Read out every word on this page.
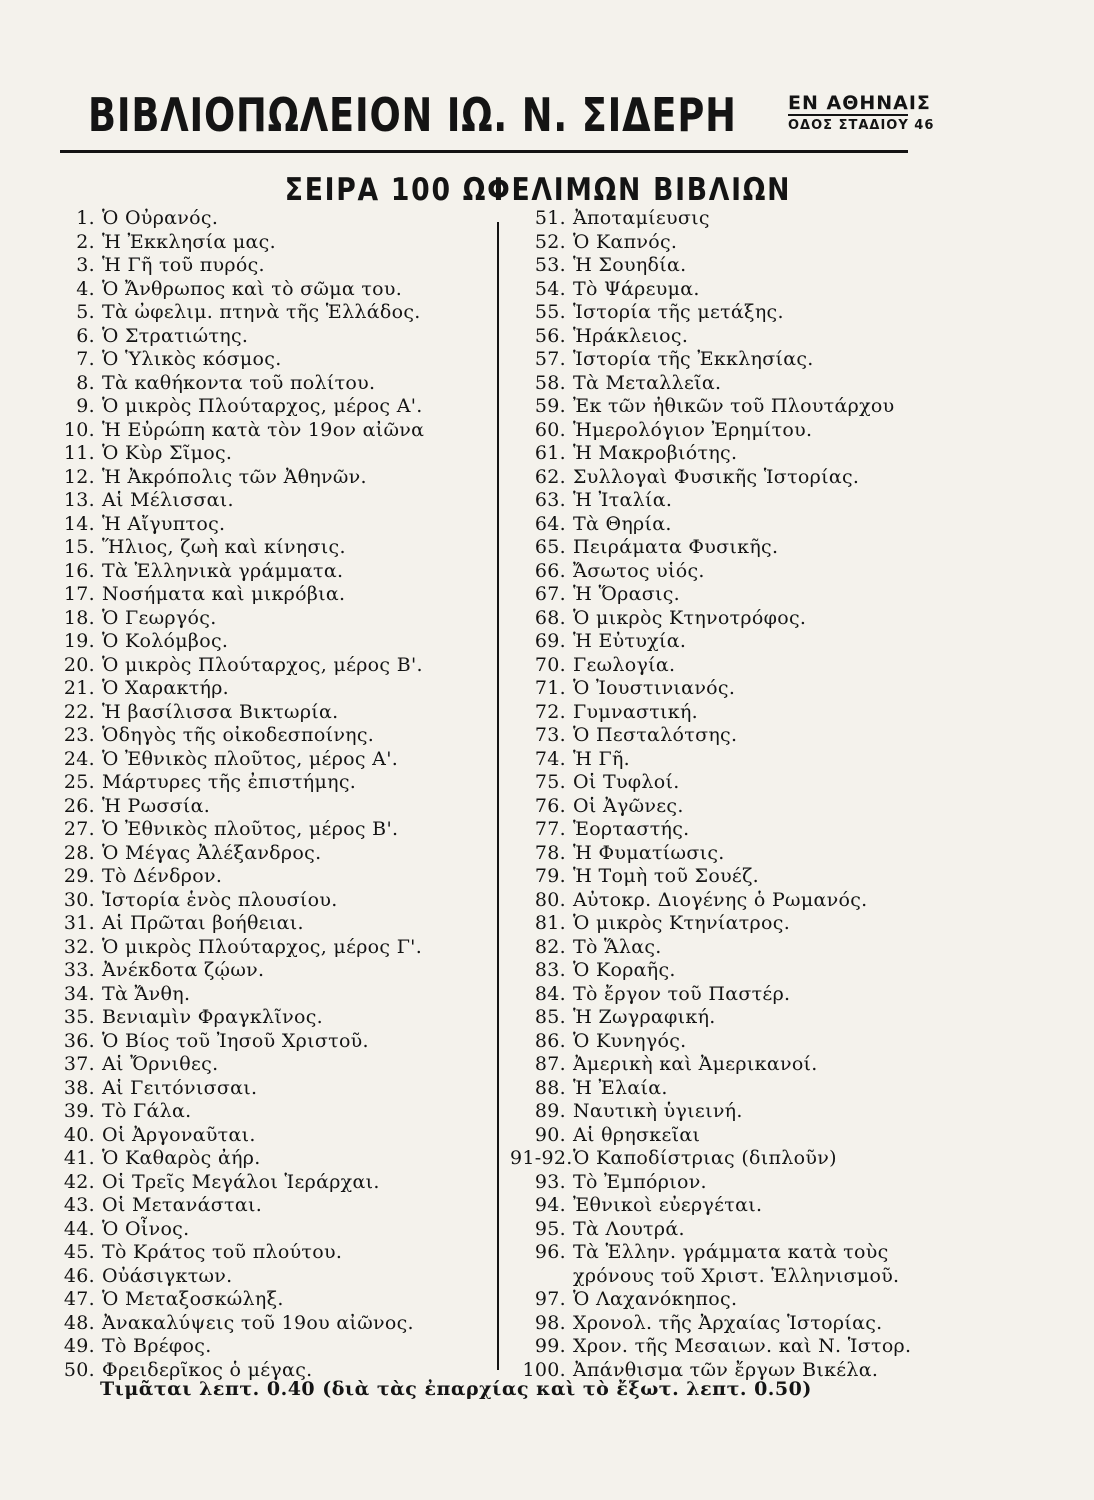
ΒΙΒΛΙΟΠΩΛΕΙΟΝ ΙΩ. Ν. ΣΙΔΕΡΗ	ΕΝ ΑΘΗΝΑΙΣ
ΟΔΟΣ ΣΤΑΔΙΟΥ 46
ΣΕΙΡΑ 100 ΩΦΕΛΙΜΩΝ ΒΙΒΛΙΩΝ
1. Ὁ Οὐρανός.
2. Ἡ Ἐκκλησία μας.
3. Ἡ Γῆ τοῦ πυρός.
4. Ὁ Ἄνθρωπος καὶ τὸ σῶμα του.
5. Τὰ ὠφελιμ. πτηνὰ τῆς Ἑλλάδος.
6. Ὁ Στρατιώτης.
7. Ὁ Ὑλικὸς κόσμος.
8. Τὰ καθήκοντα τοῦ πολίτου.
9. Ὁ μικρὸς Πλούταρχος, μέρος Α'.
10. Ἡ Εὐρώπη κατὰ τὸν 19ον αἰῶνα
11. Ὁ Κὺρ Σῖμος.
12. Ἡ Ἀκρόπολις τῶν Ἀθηνῶν.
13. Αἱ Μέλισσαι.
14. Ἡ Αἴγυπτος.
15. Ἥλιος, ζωὴ καὶ κίνησις.
16. Τὰ Ἑλληνικὰ γράμματα.
17. Νοσήματα καὶ μικρόβια.
18. Ὁ Γεωργός.
19. Ὁ Κολόμβος.
20. Ὁ μικρὸς Πλούταρχος, μέρος Β'.
21. Ὁ Χαρακτήρ.
22. Ἡ βασίλισσα Βικτωρία.
23. Ὁδηγὸς τῆς οἰκοδεσποίνης.
24. Ὁ Ἐθνικὸς πλοῦτος, μέρος Α'.
25. Μάρτυρες τῆς ἐπιστήμης.
26. Ἡ Ρωσσία.
27. Ὁ Ἐθνικὸς πλοῦτος, μέρος Β'.
28. Ὁ Μέγας Ἀλέξανδρος.
29. Τὸ Δένδρον.
30. Ἱστορία ἑνὸς πλουσίου.
31. Αἱ Πρῶται βοήθειαι.
32. Ὁ μικρὸς Πλούταρχος, μέρος Γ'.
33. Ἀνέκδοτα ζῴων.
34. Τὰ Ἄνθη.
35. Βενιαμὶν Φραγκλῖνος.
36. Ὁ Βίος τοῦ Ἰησοῦ Χριστοῦ.
37. Αἱ Ὄρνιθες.
38. Αἱ Γειτόνισσαι.
39. Τὸ Γάλα.
40. Οἱ Ἀργοναῦται.
41. Ὁ Καθαρὸς ἀήρ.
42. Οἱ Τρεῖς Μεγάλοι Ἱεράρχαι.
43. Οἱ Μετανάσται.
44. Ὁ Οἶνος.
45. Τὸ Κράτος τοῦ πλούτου.
46. Οὐάσιγκτων.
47. Ὁ Μεταξοσκώληξ.
48. Ἀνακαλύψεις τοῦ 19ου αἰῶνος.
49. Τὸ Βρέφος.
50. Φρειδερῖκος ὁ μέγας.
51. Ἀποταμίευσις
52. Ὁ Καπνός.
53. Ἡ Σουηδία.
54. Τὸ Ψάρευμα.
55. Ἱστορία τῆς μετάξης.
56. Ἡράκλειος.
57. Ἱστορία τῆς Ἐκκλησίας.
58. Τὰ Μεταλλεῖα.
59. Ἐκ τῶν ἠθικῶν τοῦ Πλουτάρχου
60. Ἡμερολόγιον Ἐρημίτου.
61. Ἡ Μακροβιότης.
62. Συλλογαὶ Φυσικῆς Ἱστορίας.
63. Ἡ Ἰταλία.
64. Τὰ Θηρία.
65. Πειράματα Φυσικῆς.
66. Ἄσωτος υἱός.
67. Ἡ Ὅρασις.
68. Ὁ μικρὸς Κτηνοτρόφος.
69. Ἡ Εὐτυχία.
70. Γεωλογία.
71. Ὁ Ἰουστινιανός.
72. Γυμναστική.
73. Ὁ Πεσταλότσης.
74. Ἡ Γῆ.
75. Οἱ Τυφλοί.
76. Οἱ Ἀγῶνες.
77. Ἑορταστής.
78. Ἡ Φυματίωσις.
79. Ἡ Τομὴ τοῦ Σουέζ.
80. Αὐτοκρ. Διογένης ὁ Ρωμανός.
81. Ὁ μικρὸς Κτηνίατρος.
82. Τὸ Ἅλας.
83. Ὁ Κοραῆς.
84. Τὸ ἔργον τοῦ Παστέρ.
85. Ἡ Ζωγραφική.
86. Ὁ Κυνηγός.
87. Ἀμερικὴ καὶ Ἀμερικανοί.
88. Ἡ Ἐλαία.
89. Ναυτικὴ ὑγιεινή.
90. Αἱ θρησκεῖαι
91-92.Ὁ Καποδίστριας (διπλοῦν)
93. Τὸ Ἐμπόριον.
94. Ἐθνικοὶ εὐεργέται.
95. Τὰ Λουτρά.
96. Τὰ Ἑλλην. γράμματα κατὰ τοὺς
χρόνους τοῦ Χριστ. Ἑλληνισμοῦ.
97. Ὁ Λαχανόκηπος.
98. Χρονολ. τῆς Ἀρχαίας Ἱστορίας.
99. Χρον. τῆς Μεσαιων. καὶ Ν. Ἱστορ.
100. Ἀπάνθισμα τῶν ἔργων Βικέλα.
Τιμᾶται λεπτ. 0.40 (διὰ τὰς ἐπαρχίας καὶ τὸ ἔξωτ. λεπτ. 0.50)
